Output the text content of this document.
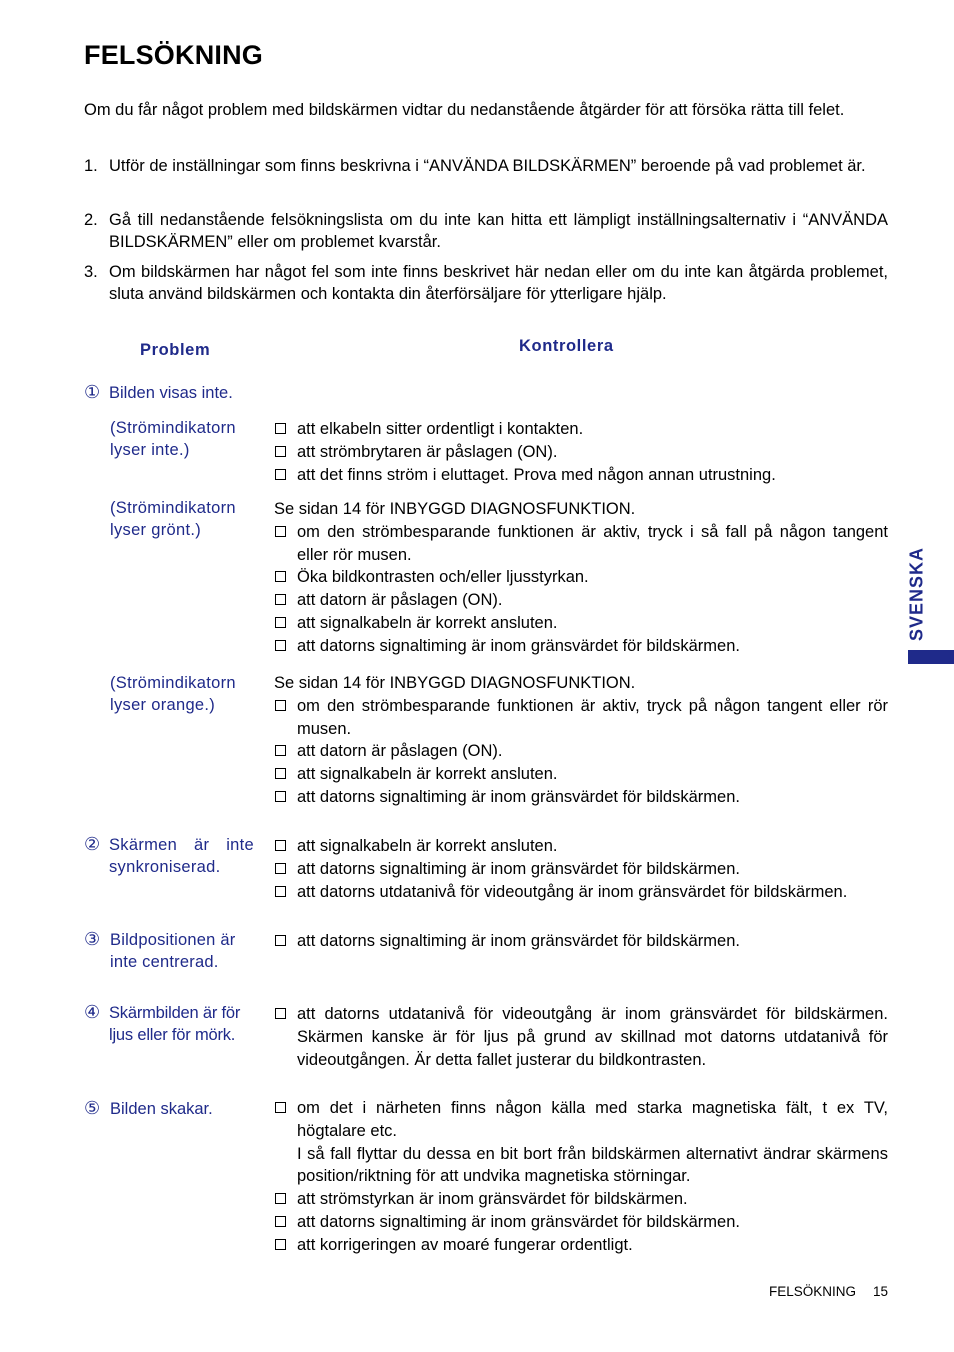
FELSÖKNING

Om du får något problem med bildskärmen vidtar du nedanstående åtgärder för att försöka rätta till felet.

1. Utför de inställningar som finns beskrivna i “ANVÄNDA BILDSKÄRMEN” beroende på vad problemet är.
2. Gå till nedanstående felsökningslista om du inte kan hitta ett lämpligt inställningsalternativ i “ANVÄNDA BILDSKÄRMEN” eller om problemet kvarstår.
3. Om bildskärmen har något fel som inte finns beskrivet här nedan eller om du inte kan åtgärda problemet, sluta använd bildskärmen och kontakta din återförsäljare för ytterligare hjälp.
Problem	Kontrollera
① Bilden visas inte.
(Strömindikatorn lyser inte.)
att elkabeln sitter ordentligt i kontakten.
att strömbrytaren är påslagen (ON).
att det finns ström i eluttaget. Prova med någon annan utrustning.
(Strömindikatorn lyser grönt.)
Se sidan 14 för INBYGGD DIAGNOSFUNKTION.
om den strömbesparande funktionen är aktiv, tryck i så fall på någon tangent eller rör musen.
Öka bildkontrasten och/eller ljusstyrkan.
att datorn är påslagen (ON).
att signalkabeln är korrekt ansluten.
att datorns signaltiming är inom gränsvärdet för bildskärmen.
(Strömindikatorn lyser orange.)
Se sidan 14 för INBYGGD DIAGNOSFUNKTION.
om den strömbesparande funktionen är aktiv, tryck på någon tangent eller rör musen.
att datorn är påslagen (ON).
att signalkabeln är korrekt ansluten.
att datorns signaltiming är inom gränsvärdet för bildskärmen.
② Skärmen är inte synkroniserad.
att signalkabeln är korrekt ansluten.
att datorns signaltiming är inom gränsvärdet för bildskärmen.
att datorns utdatanivå för videoutgång är inom gränsvärdet för bildskärmen.
③ Bildpositionen är inte centrerad.
att datorns signaltiming är inom gränsvärdet för bildskärmen.
④ Skärmbilden är för ljus eller för mörk.
att datorns utdatanivå för videoutgång är inom gränsvärdet för bildskärmen. Skärmen kanske är för ljus på grund av skillnad mot datorns utdatanivå för videoutgången. Är detta fallet justerar du bildkontrasten.
⑤ Bilden skakar.	om det i närheten finns någon källa med starka magnetiska fält, t ex TV, högtalare etc.
I så fall flyttar du dessa en bit bort från bildskärmen alternativt ändrar skärmens position/riktning för att undvika magnetiska störningar.
att strömstyrkan är inom gränsvärdet för bildskärmen.
att datorns signaltiming är inom gränsvärdet för bildskärmen.
att korrigeringen av moaré fungerar ordentligt.
SVENSKA
FELSÖKNING 15
